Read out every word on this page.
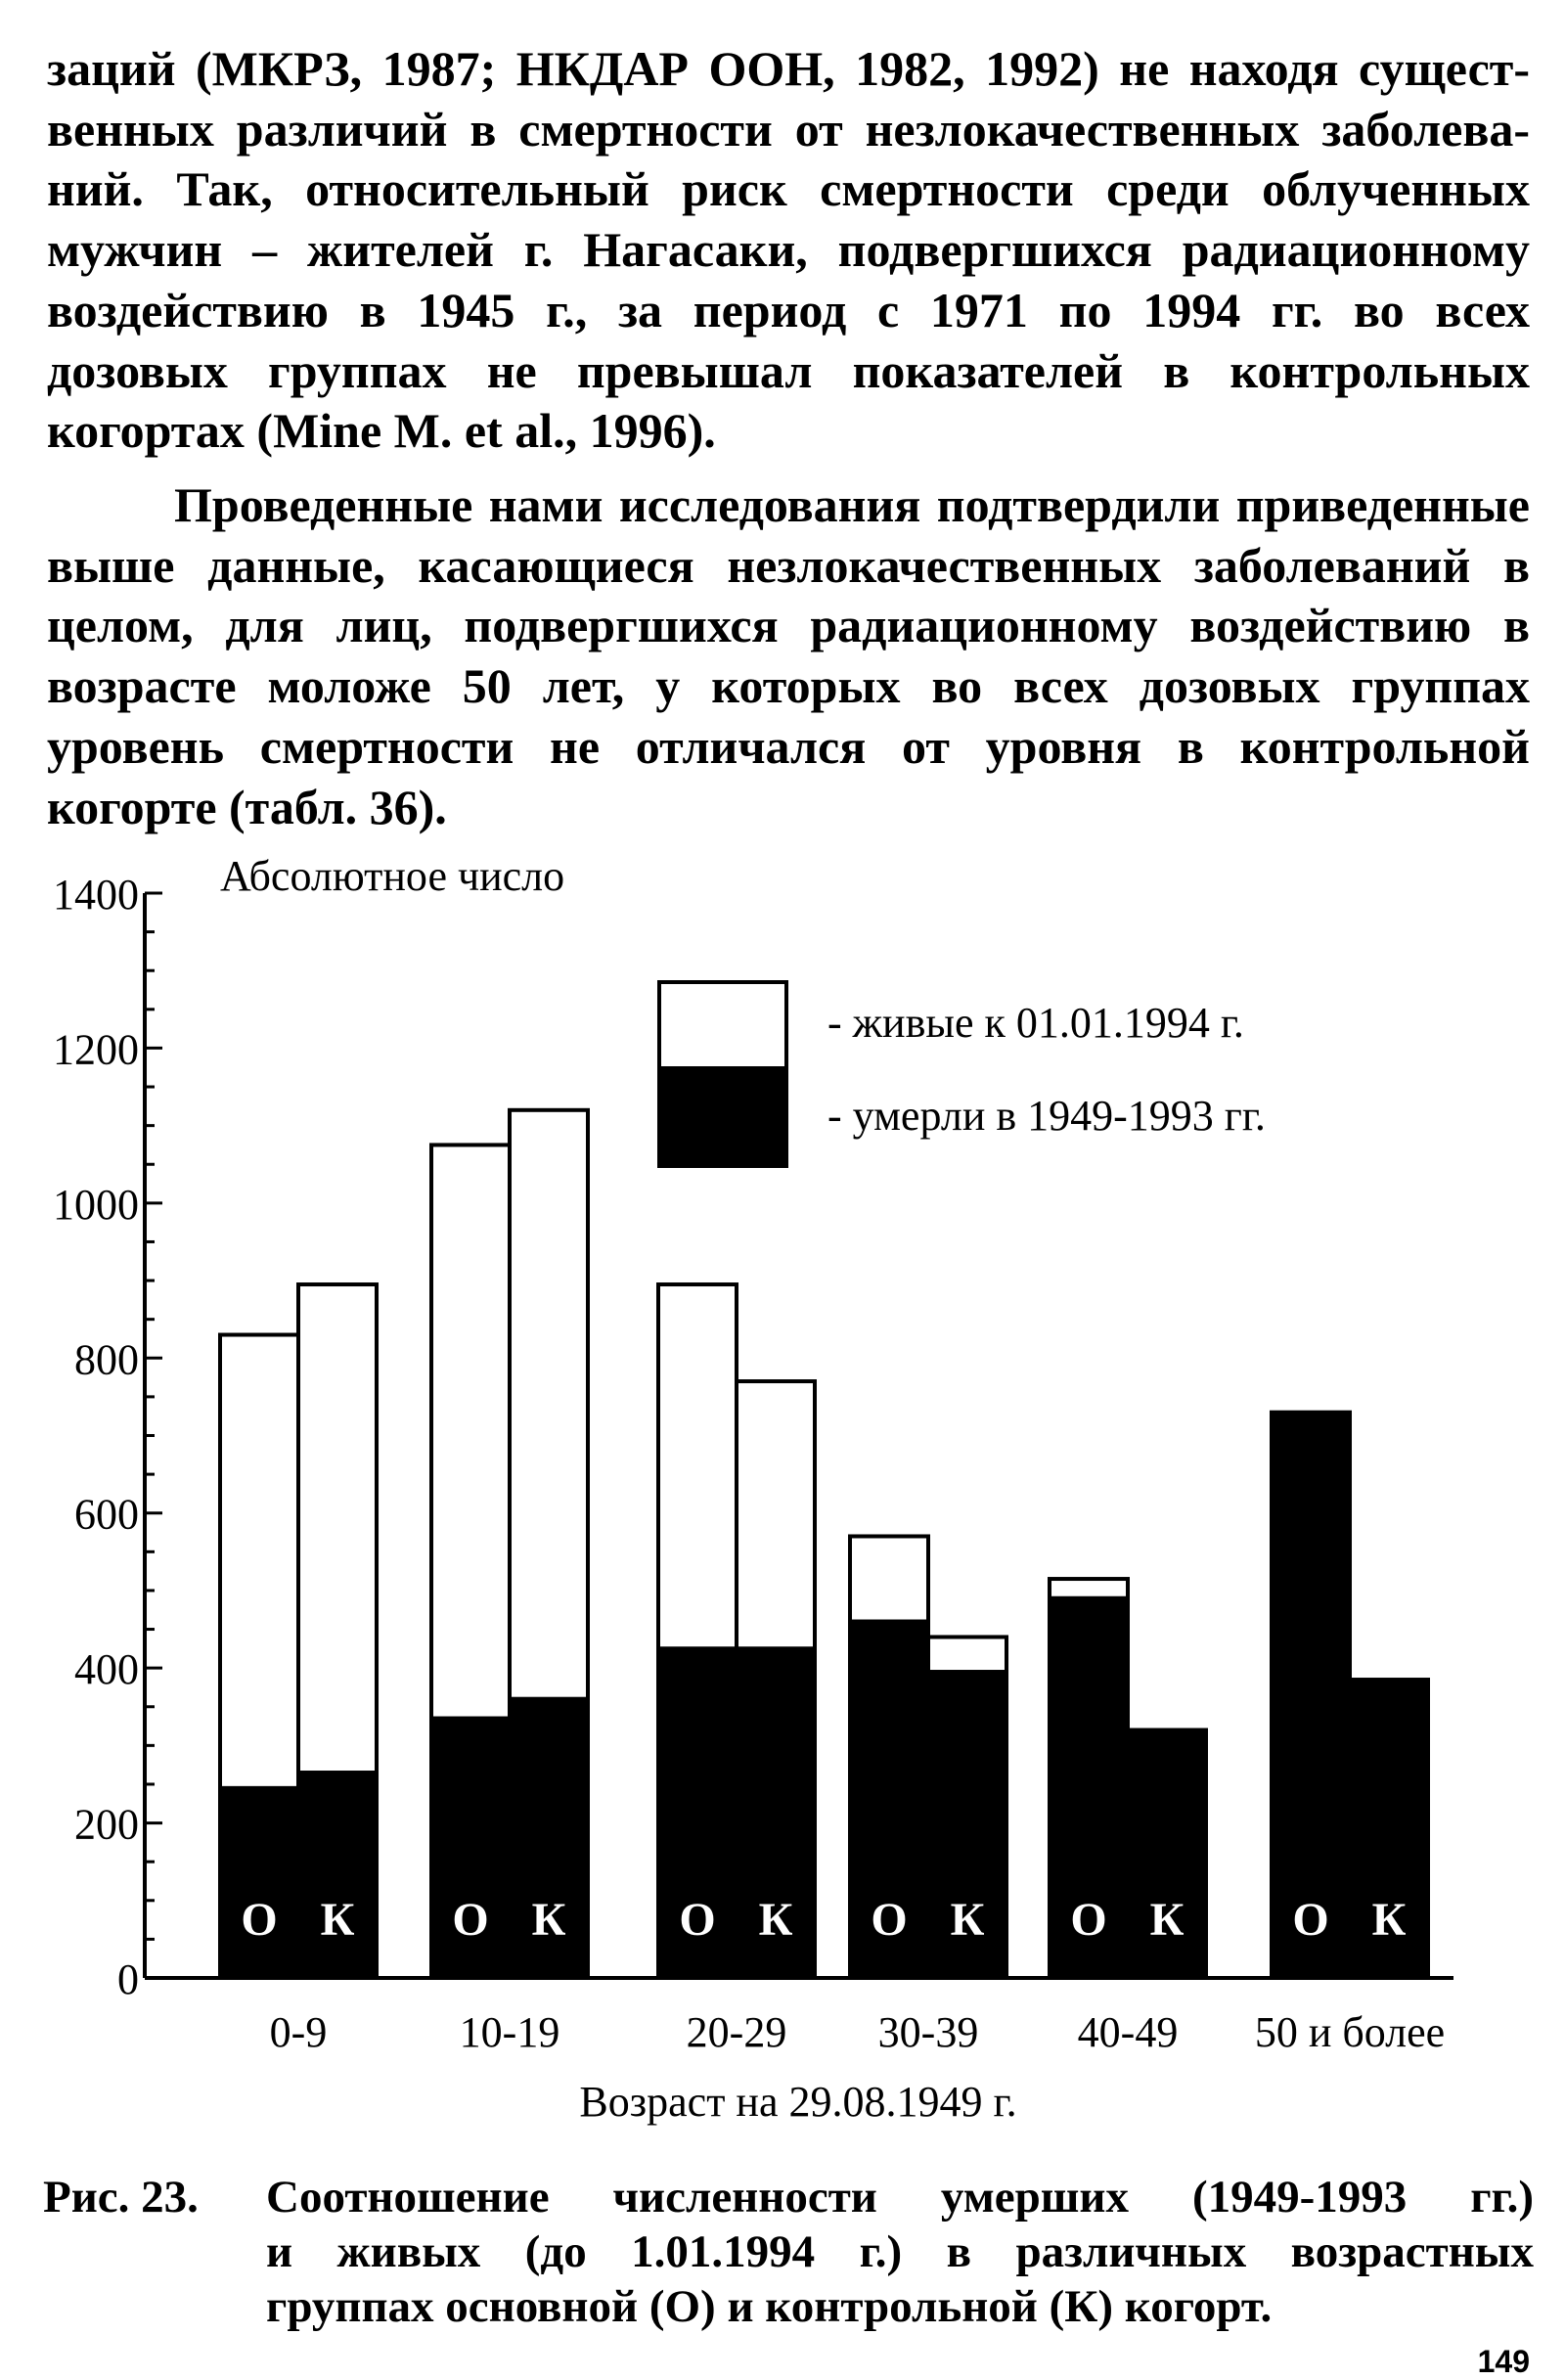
заций (МКРЗ, 1987; НКДАР ООН, 1982, 1992) не находя сущест-
венных различий в смертности от незлокачественных заболева-
ний. Так, относительный риск смертности среди облученных
мужчин – жителей г. Нагасаки, подвергшихся радиационному
воздействию в 1945 г., за период с 1971 по 1994 гг. во всех
дозовых группах не превышал показателей в контрольных
когортах (Mine M. et al., 1996).
Проведенные нами исследования подтвердили приведенные
выше данные, касающиеся незлокачественных заболеваний в
целом, для лиц, подвергшихся радиационному воздействию в
возрасте моложе 50 лет, у которых во всех дозовых группах
уровень смертности не отличался от уровня в контрольной
когорте (табл. 36).
- живые к 01.01.1994 г.
- умерли в 1949-1993 гг.
0
200
400
600
800
1000
1200
1400 Абсолютное число
О К
0-9
О К
10-19
О К
20-29
О К
30-39
О К
40-49
О К
50 и более
Возраст на 29.08.1949 г.
Рис. 23. Соотношение численности умерших (1949-1993 гг.)
и живых (до 1.01.1994 г.) в различных возрастных
группах основной (О) и контрольной (К) когорт.
149
